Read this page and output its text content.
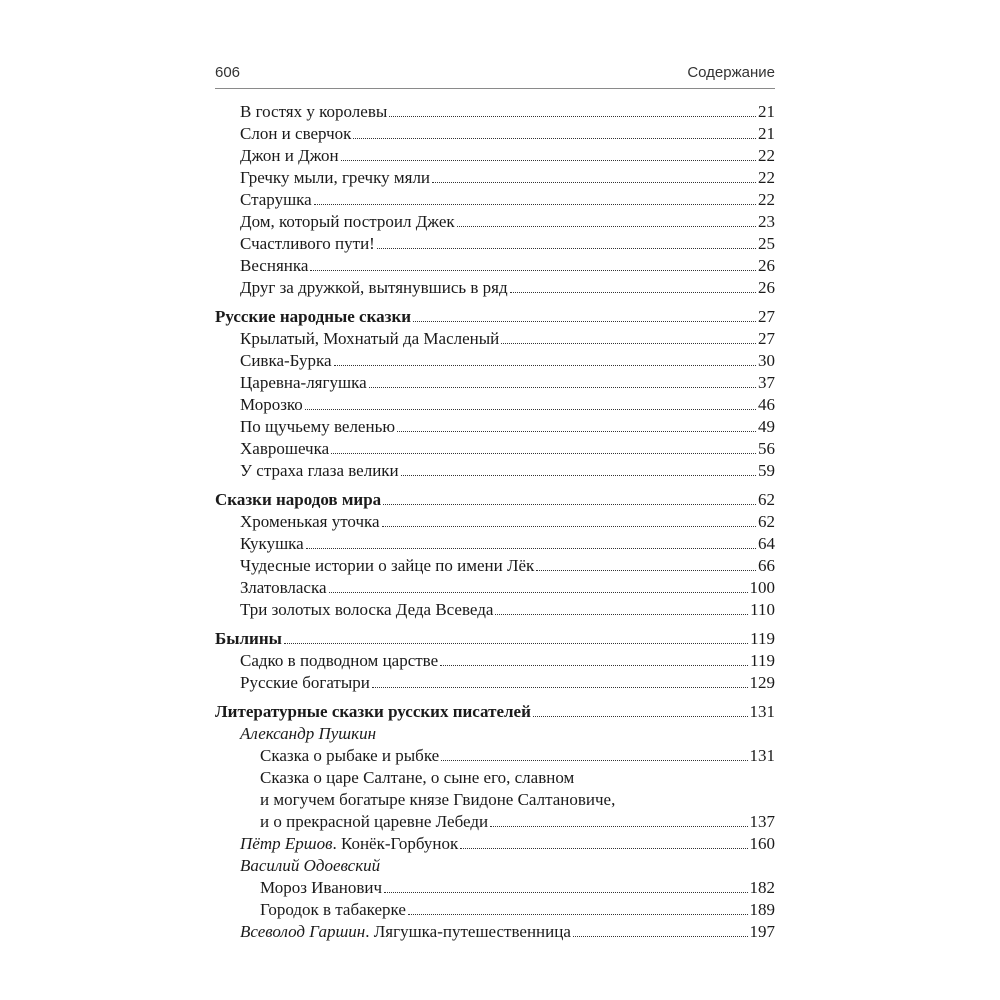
606	Содержание
В гостях у королевы	21
Слон и сверчок	21
Джон и Джон	22
Гречку мыли, гречку мяли	22
Старушка	22
Дом, который построил Джек	23
Счастливого пути!	25
Веснянка	26
Друг за дружкой, вытянувшись в ряд	26
Русские народные сказки	27
Крылатый, Мохнатый да Масленый	27
Сивка-Бурка	30
Царевна-лягушка	37
Морозко	46
По щучьему веленью	49
Хаврошечка	56
У страха глаза велики	59
Сказки народов мира	62
Хроменькая уточка	62
Кукушка	64
Чудесные истории о зайце по имени Лёк	66
Златовласка	100
Три золотых волоска Деда Всеведа	110
Былины	119
Садко в подводном царстве	119
Русские богатыри	129
Литературные сказки русских писателей	131
Александр Пушкин
Сказка о рыбаке и рыбке	131
Сказка о царе Салтане, о сыне его, славном
и могучем богатыре князе Гвидоне Салтановиче,
и о прекрасной царевне Лебеди	137
Пётр Ершов. Конёк-Горбунок	160
Василий Одоевский
Мороз Иванович	182
Городок в табакерке	189
Всеволод Гаршин. Лягушка-путешественница	197
